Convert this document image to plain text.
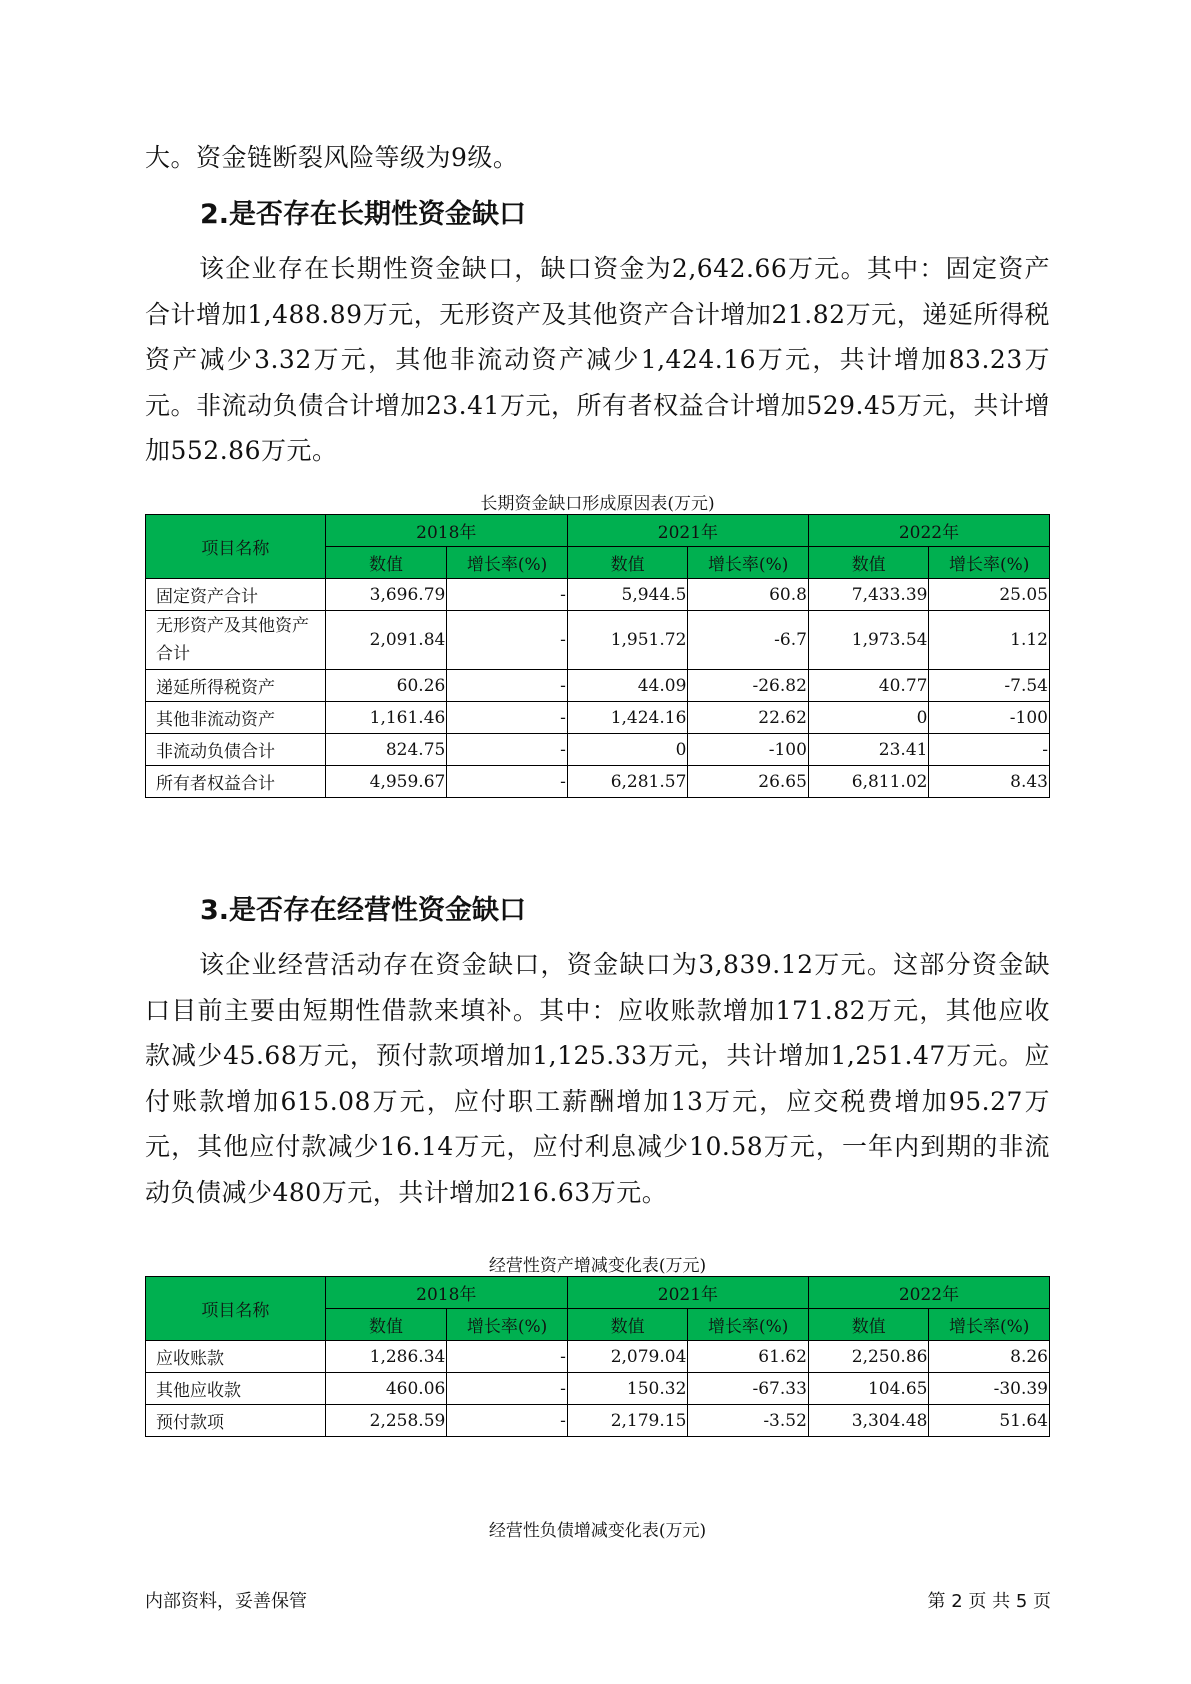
大。资金链断裂风险等级为9级。

2.是否存在长期性资金缺口

该企业存在长期性资金缺口，缺口资金为2,642.66万元。其中：固定资产合计增加1,488.89万元，无形资产及其他资产合计增加21.82万元，递延所得税资产减少3.32万元，其他非流动资产减少1,424.16万元，共计增加83.23万元。非流动负债合计增加23.41万元，所有者权益合计增加529.45万元，共计增加552.86万元。

长期资金缺口形成原因表(万元)
项目名称	2018年		2021年		2022年	
	数值	增长率(%)	数值	增长率(%)	数值	增长率(%)
固定资产合计	3,696.79	-	5,944.5	60.8	7,433.39	25.05
无形资产及其他资产合计	2,091.84	-	1,951.72	-6.7	1,973.54	1.12
递延所得税资产	60.26	-	44.09	-26.82	40.77	-7.54
其他非流动资产	1,161.46	-	1,424.16	22.62	0	-100
非流动负债合计	824.75	-	0	-100	23.41	-
所有者权益合计	4,959.67	-	6,281.57	26.65	6,811.02	8.43
3.是否存在经营性资金缺口

该企业经营活动存在资金缺口，资金缺口为3,839.12万元。这部分资金缺口目前主要由短期性借款来填补。其中：应收账款增加171.82万元，其他应收款减少45.68万元，预付款项增加1,125.33万元，共计增加1,251.47万元。应付账款增加615.08万元，应付职工薪酬增加13万元，应交税费增加95.27万元，其他应付款减少16.14万元，应付利息减少10.58万元，一年内到期的非流动负债减少480万元，共计增加216.63万元。

经营性资产增减变化表(万元)
项目名称	2018年		2021年		2022年	
	数值	增长率(%)	数值	增长率(%)	数值	增长率(%)
应收账款	1,286.34	-	2,079.04	61.62	2,250.86	8.26
其他应收款	460.06	-	150.32	-67.33	104.65	-30.39
预付款项	2,258.59	-	2,179.15	-3.52	3,304.48	51.64
经营性负债增减变化表(万元)
内部资料，妥善保管	第 2 页 共 5 页
